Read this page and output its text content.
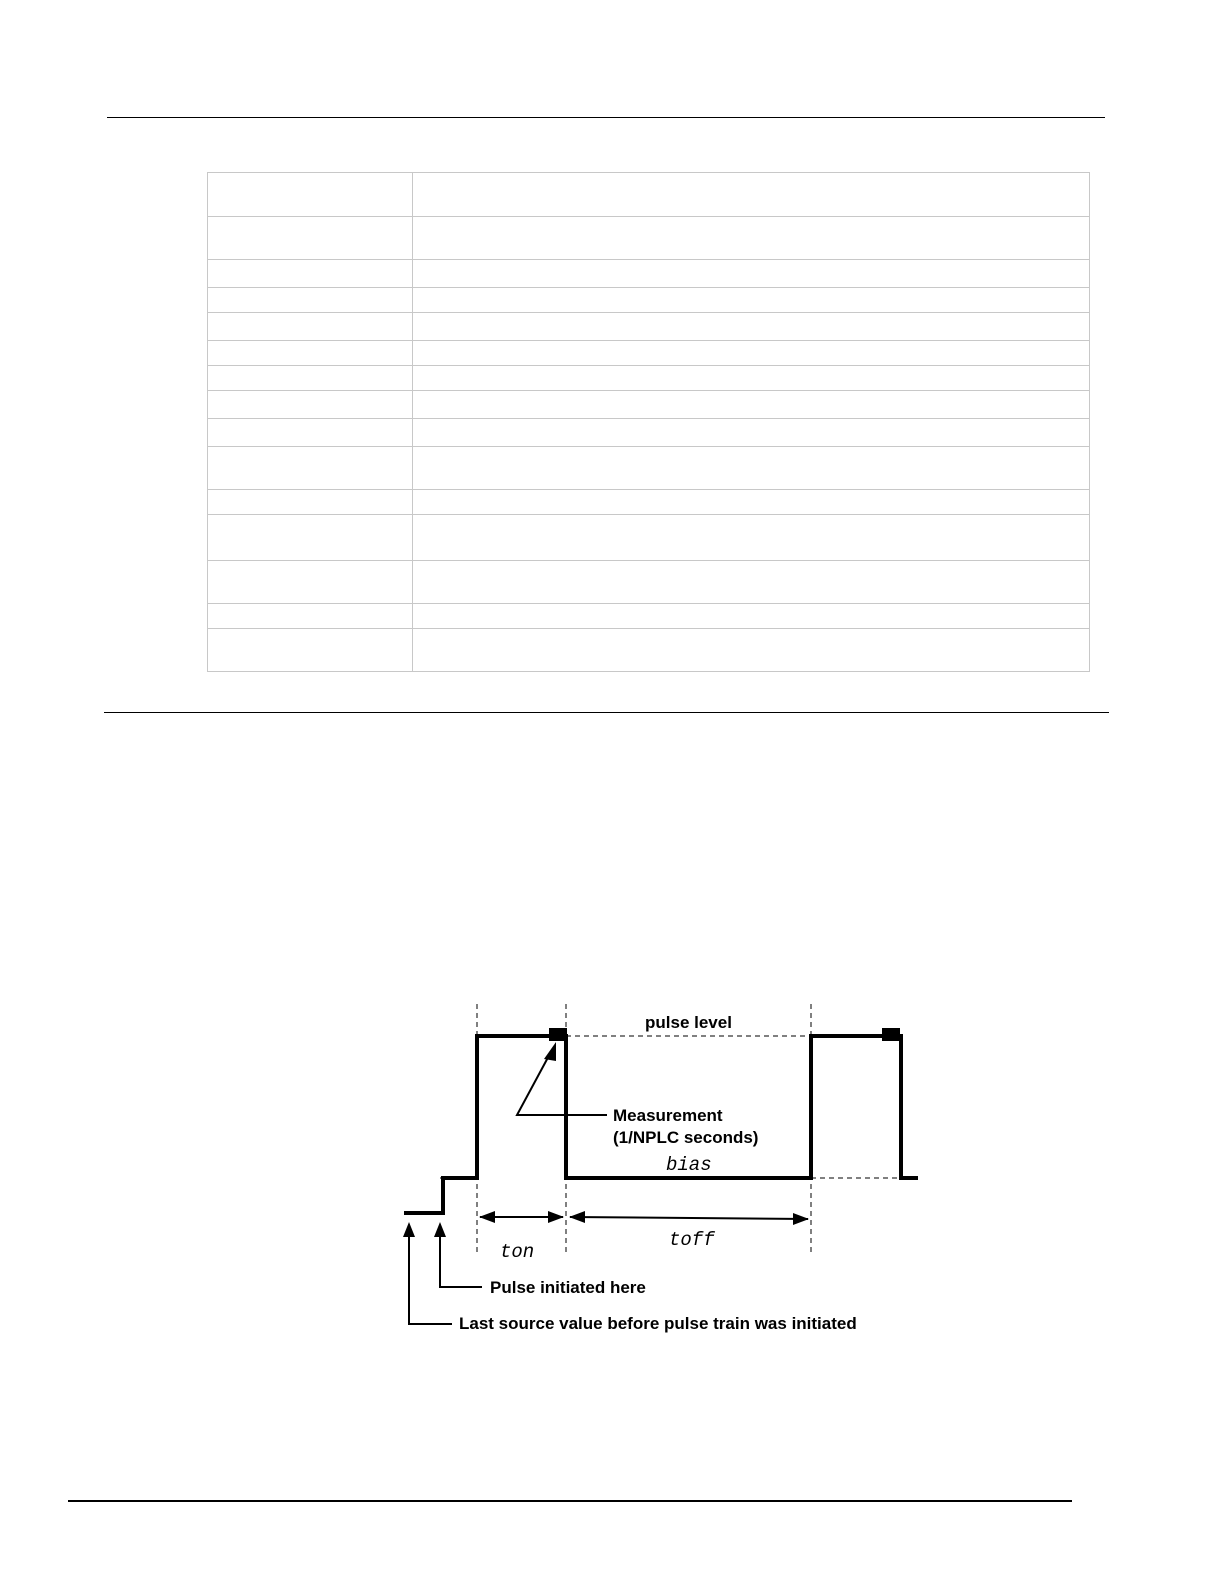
pulse level
Measurement
(1/NPLC seconds)
bias
ton
toff
Pulse initiated here
Last source value before pulse train was initiated
